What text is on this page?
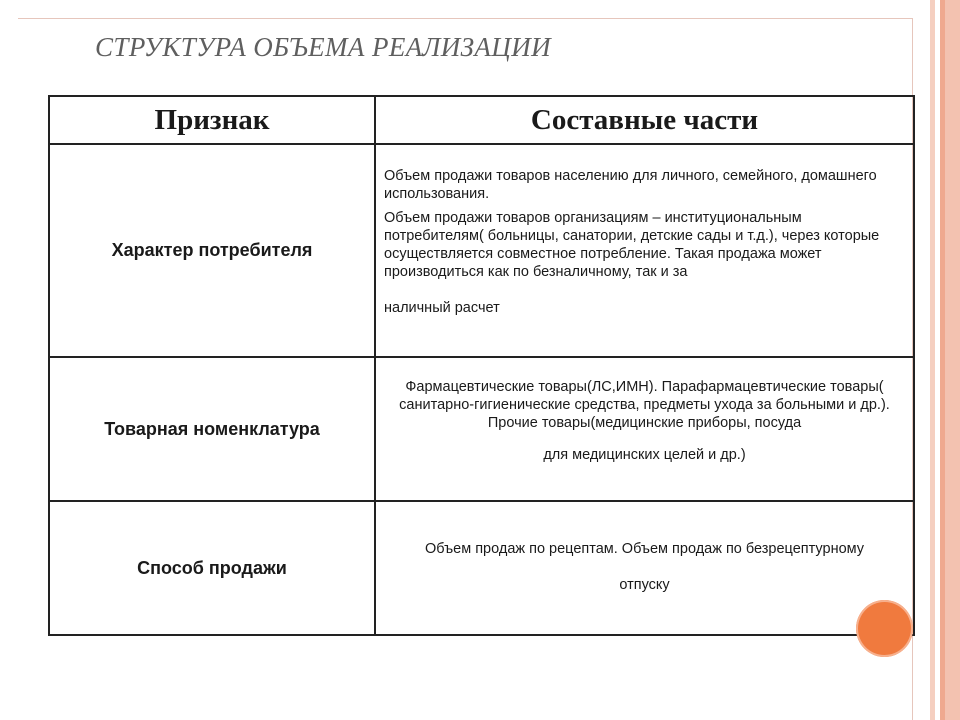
СТРУКТУРА ОБЪЕМА РЕАЛИЗАЦИИ
Признак	Составные части
Характер потребителя	Объем продажи товаров населению для личного, семейного, домашнего использования.

Объем продажи товаров организациям – институциональным потребителям( больницы, санатории, детские сады и т.д.), через которые осуществляется совместное потребление. Такая продажа может производиться как по безналичному, так и за

наличный расчет

Товарная номенклатура	Фармацевтические товары(ЛС,ИМН). Парафармацевтические товары( санитарно-гигиенические средства, предметы ухода за больными и др.). Прочие товары(медицинские приборы, посуда
для медицинских целей и др.)

Способ продажи	Объем продаж по рецептам. Объем продаж по безрецептурному
отпуску
